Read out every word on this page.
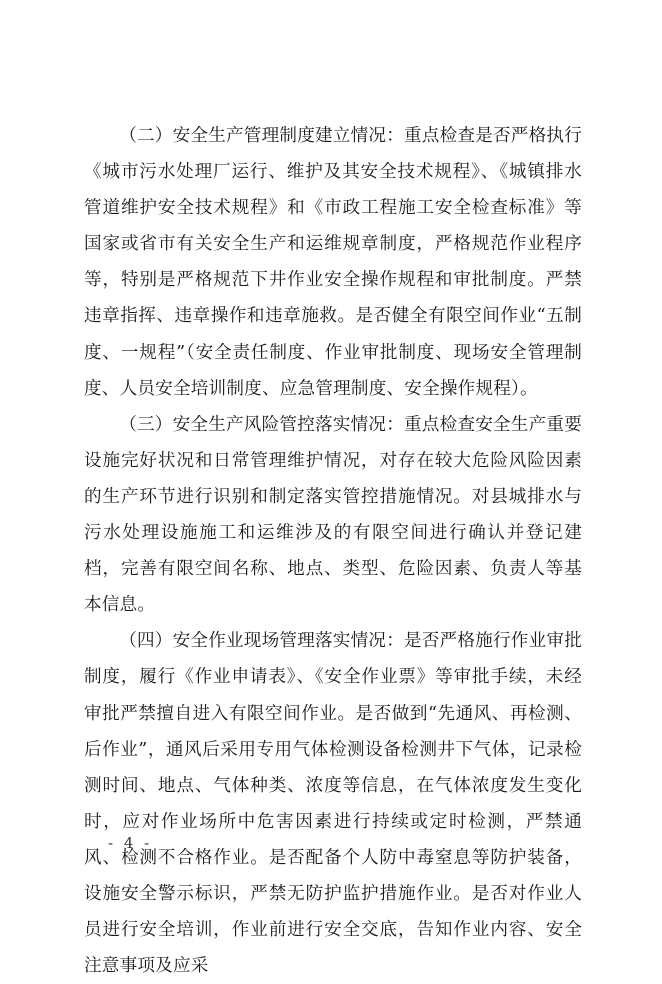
（二）安全生产管理制度建立情况：重点检查是否严格执行《城市污水处理厂运行、维护及其安全技术规程》、《城镇排水管道维护安全技术规程》和《市政工程施工安全检查标准》等国家或省市有关安全生产和运维规章制度，严格规范作业程序等，特别是严格规范下井作业安全操作规程和审批制度。严禁违章指挥、违章操作和违章施救。是否健全有限空间作业“五制度、一规程”（安全责任制度、作业审批制度、现场安全管理制度、人员安全培训制度、应急管理制度、安全操作规程）。

（三）安全生产风险管控落实情况：重点检查安全生产重要设施完好状况和日常管理维护情况，对存在较大危险风险因素的生产环节进行识别和制定落实管控措施情况。对县城排水与污水处理设施施工和运维涉及的有限空间进行确认并登记建档，完善有限空间名称、地点、类型、危险因素、负责人等基本信息。

（四）安全作业现场管理落实情况：是否严格施行作业审批制度，履行《作业申请表》、《安全作业票》等审批手续，未经审批严禁擅自进入有限空间作业。是否做到“先通风、再检测、后作业”，通风后采用专用气体检测设备检测井下气体，记录检测时间、地点、气体种类、浓度等信息，在气体浓度发生变化时，应对作业场所中危害因素进行持续或定时检测，严禁通风、检测不合格作业。是否配备个人防中毒窒息等防护装备，设施安全警示标识，严禁无防护监护措施作业。是否对作业人员进行安全培训，作业前进行安全交底，告知作业内容、安全注意事项及应采

- 4 -
